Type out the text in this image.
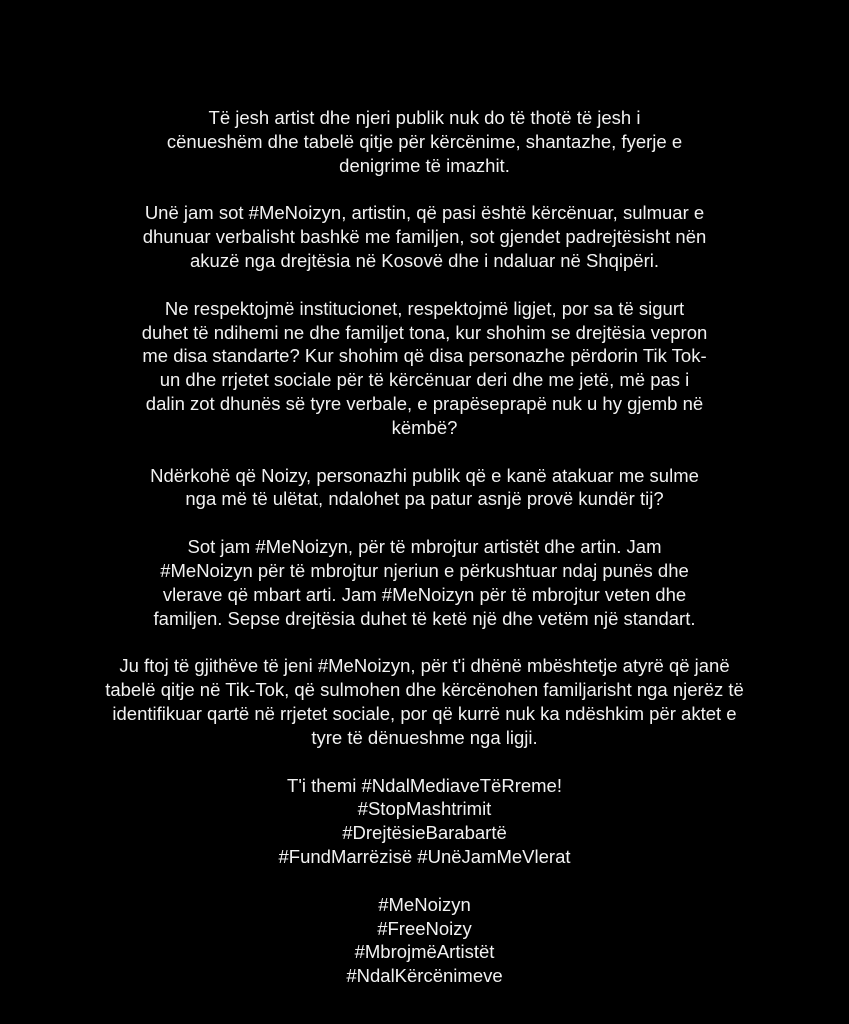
Të jesh artist dhe njeri publik nuk do të thotë të jesh i cënueshëm dhe tabelë qitje për kërcënime, shantazhe, fyerje e denigrime të imazhit.

Unë jam sot #MeNoizyn, artistin, që pasi është kërcënuar, sulmuar e dhunuar verbalisht bashkë me familjen, sot gjendet padrejtësisht nën akuzë nga drejtësia në Kosovë dhe i ndaluar në Shqipëri.

Ne respektojmë institucionet, respektojmë ligjet, por sa të sigurt duhet të ndihemi ne dhe familjet tona, kur shohim se drejtësia vepron me disa standarte? Kur shohim që disa personazhe përdorin Tik Tok-un dhe rrjetet sociale për të kërcënuar deri dhe me jetë, më pas i dalin zot dhunës së tyre verbale, e prapëseprapë nuk u hy gjemb në këmbë?

Ndërkohë që Noizy, personazhi publik që e kanë atakuar me sulme nga më të ulëtat, ndalohet pa patur asnjë provë kundër tij?

Sot jam #MeNoizyn, për të mbrojtur artistët dhe artin. Jam #MeNoizyn për të mbrojtur njeriun e përkushtuar ndaj punës dhe vlerave që mbart arti. Jam #MeNoizyn për të mbrojtur veten dhe familjen. Sepse drejtësia duhet të ketë një dhe vetëm një standart.

Ju ftoj të gjithëve të jeni #MeNoizyn, për t'i dhënë mbështetje atyrë që janë tabelë qitje në Tik-Tok, që sulmohen dhe kërcënohen familjarisht nga njerëz të identifikuar qartë në rrjetet sociale, por që kurrë nuk ka ndëshkim për aktet e tyre të dënueshme nga ligji.

T'i themi #NdalMediaveTëRreme!
#StopMashtrimit
#DrejtësieBarabartë
#FundMarrëzisë #UnëJamMeVlerat
#MeNoizyn
#FreeNoizy
#MbrojmëArtistët
#NdalKërcënimeve
